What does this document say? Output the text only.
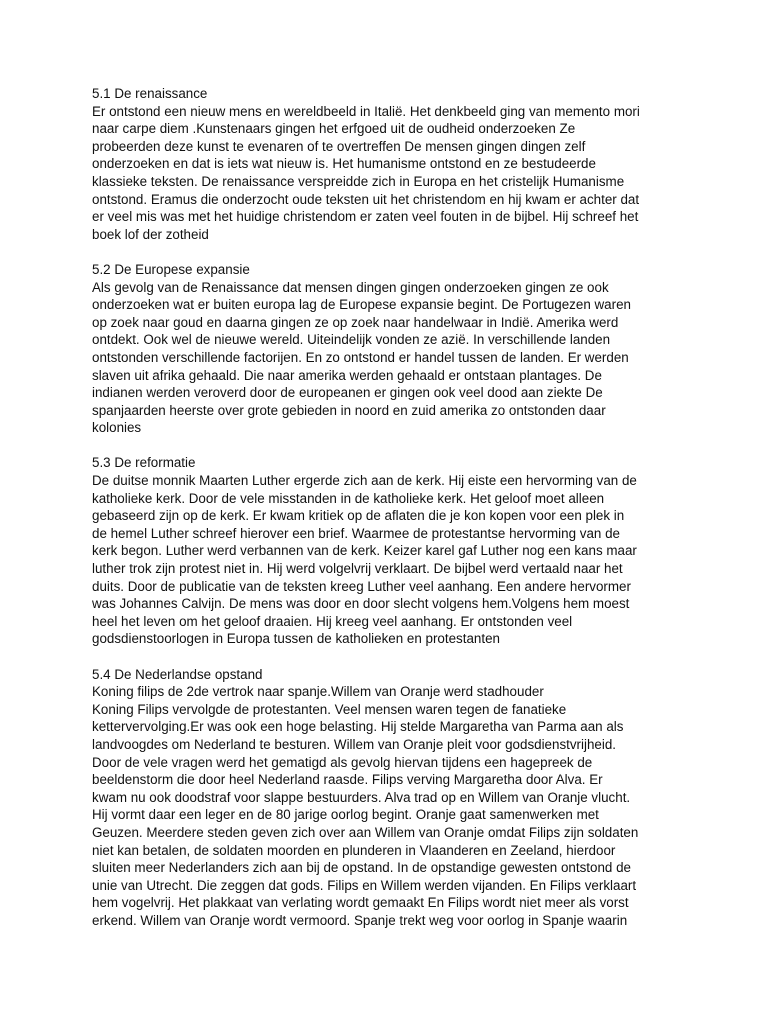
5.1 De renaissance
Er ontstond een nieuw mens en wereldbeeld in Italië. Het denkbeeld ging van memento mori
naar carpe diem .Kunstenaars gingen het erfgoed uit de oudheid onderzoeken Ze
probeerden deze kunst te evenaren of te overtreffen De mensen gingen dingen zelf
onderzoeken en dat is iets wat nieuw is. Het humanisme ontstond en ze bestudeerde
klassieke teksten. De renaissance verspreidde zich in Europa en het cristelijk Humanisme
ontstond. Eramus die onderzocht oude teksten uit het christendom en hij kwam er achter dat
er veel mis was met het huidige christendom er zaten veel fouten in de bijbel. Hij schreef het
boek lof der zotheid
5.2 De Europese expansie
Als gevolg van de Renaissance dat mensen dingen gingen onderzoeken gingen ze ook
onderzoeken wat er buiten europa lag de Europese expansie begint. De Portugezen waren
op zoek naar goud en daarna gingen ze op zoek naar handelwaar in Indië. Amerika werd
ontdekt. Ook wel de nieuwe wereld. Uiteindelijk vonden ze azië. In verschillende landen
ontstonden verschillende factorijen. En zo ontstond er handel tussen de landen. Er werden
slaven uit afrika gehaald. Die naar amerika werden gehaald er ontstaan plantages. De
indianen werden veroverd door de europeanen er gingen ook veel dood aan ziekte De
spanjaarden heerste over grote gebieden in noord en zuid amerika zo ontstonden daar
kolonies
5.3 De reformatie
De duitse monnik Maarten Luther ergerde zich aan de kerk. Hij eiste een hervorming van de
katholieke kerk. Door de vele misstanden in de katholieke kerk. Het geloof moet alleen
gebaseerd zijn op de kerk. Er kwam kritiek op de aflaten die je kon kopen voor een plek in
de hemel Luther schreef hierover een brief. Waarmee de protestantse hervorming van de
kerk begon. Luther werd verbannen van de kerk. Keizer karel gaf Luther nog een kans maar
luther trok zijn protest niet in. Hij werd volgelvrij verklaart. De bijbel werd vertaald naar het
duits. Door de publicatie van de teksten kreeg Luther veel aanhang. Een andere hervormer
was Johannes Calvijn. De mens was door en door slecht volgens hem.Volgens hem moest
heel het leven om het geloof draaien. Hij kreeg veel aanhang. Er ontstonden veel
godsdienstoorlogen in Europa tussen de katholieken en protestanten
5.4 De Nederlandse opstand
Koning filips de 2de vertrok naar spanje.Willem van Oranje werd stadhouder
Koning Filips vervolgde de protestanten. Veel mensen waren tegen de fanatieke
kettervervolging.Er was ook een hoge belasting. Hij stelde Margaretha van Parma aan als
landvoogdes om Nederland te besturen. Willem van Oranje pleit voor godsdienstvrijheid.
Door de vele vragen werd het gematigd als gevolg hiervan tijdens een hagepreek de
beeldenstorm die door heel Nederland raasde. Filips verving Margaretha door Alva. Er
kwam nu ook doodstraf voor slappe bestuurders. Alva trad op en Willem van Oranje vlucht.
Hij vormt daar een leger en de 80 jarige oorlog begint. Oranje gaat samenwerken met
Geuzen. Meerdere steden geven zich over aan Willem van Oranje omdat Filips zijn soldaten
niet kan betalen, de soldaten moorden en plunderen in Vlaanderen en Zeeland, hierdoor
sluiten meer Nederlanders zich aan bij de opstand. In de opstandige gewesten ontstond de
unie van Utrecht. Die zeggen dat gods. Filips en Willem werden vijanden. En Filips verklaart
hem vogelvrij. Het plakkaat van verlating wordt gemaakt En Filips wordt niet meer als vorst
erkend. Willem van Oranje wordt vermoord. Spanje trekt weg voor oorlog in Spanje waarin
